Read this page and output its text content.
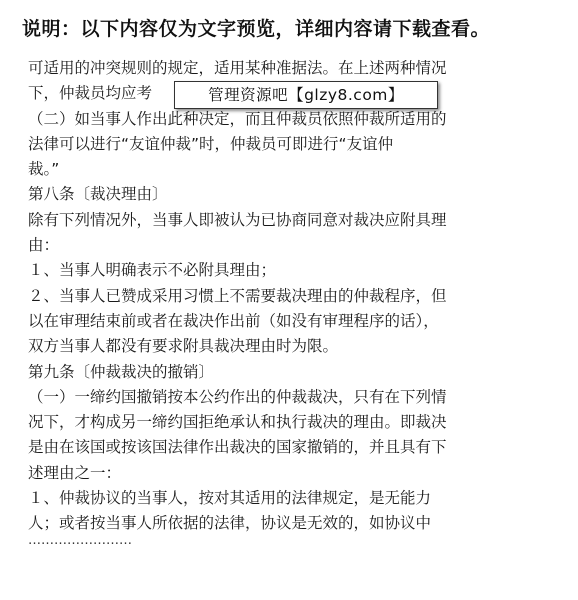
说明：以下内容仅为文字预览，详细内容请下载查看。
可适用的冲突规则的规定，适用某种准据法。在上述两种情况
下，仲裁员均应考
（二）如当事人作出此种决定，而且仲裁员依照仲裁所适用的
法律可以进行“友谊仲裁”时，仲裁员可即进行“友谊仲
裁。”
第八条〔裁决理由〕
除有下列情况外，当事人即被认为已协商同意对裁决应附具理
由：
１、当事人明确表示不必附具理由；
２、当事人已赞成采用习惯上不需要裁决理由的仲裁程序，但
以在审理结束前或者在裁决作出前（如没有审理程序的话），
双方当事人都没有要求附具裁决理由时为限。
第九条〔仲裁裁决的撤销〕
（一）一缔约国撤销按本公约作出的仲裁裁决，只有在下列情
况下，才构成另一缔约国拒绝承认和执行裁决的理由。即裁决
是由在该国或按该国法律作出裁决的国家撤销的，并且具有下
述理由之一：
１、仲裁协议的当事人，按对其适用的法律规定，是无能力
人；或者按当事人所依据的法律，协议是无效的，如协议中
管理资源吧【glzy8.com】
……………………
